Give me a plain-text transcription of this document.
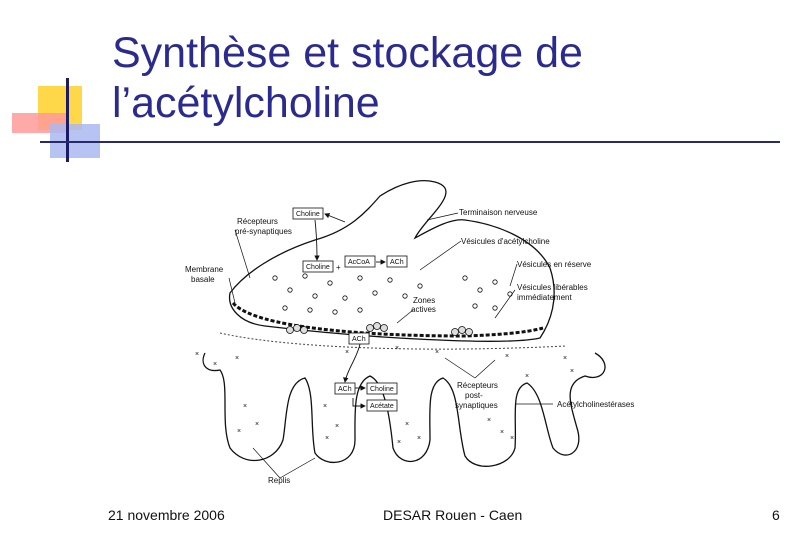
Synthèse et stockage de
l’acétylcholine
×
×
×
×
×
×
×
×
×
×
×
×
×
×
×
×
×
×
×
×
×
×
Choline
Choline +
AcCoA	ACh
ACh
ACh	Choline
Acétate
Terminaison nerveuse
Vésicules d'acétylcholine
Vésicules en réserve
Vésicules libérables
immédiatement
Récepteurs
pré-synaptiques
Membrane
basale
Zones
actives
Récepteurs
post-
synaptiques	Acétylcholinestérases
Replis
21 novembre 2006	DESAR Rouen - Caen	6
